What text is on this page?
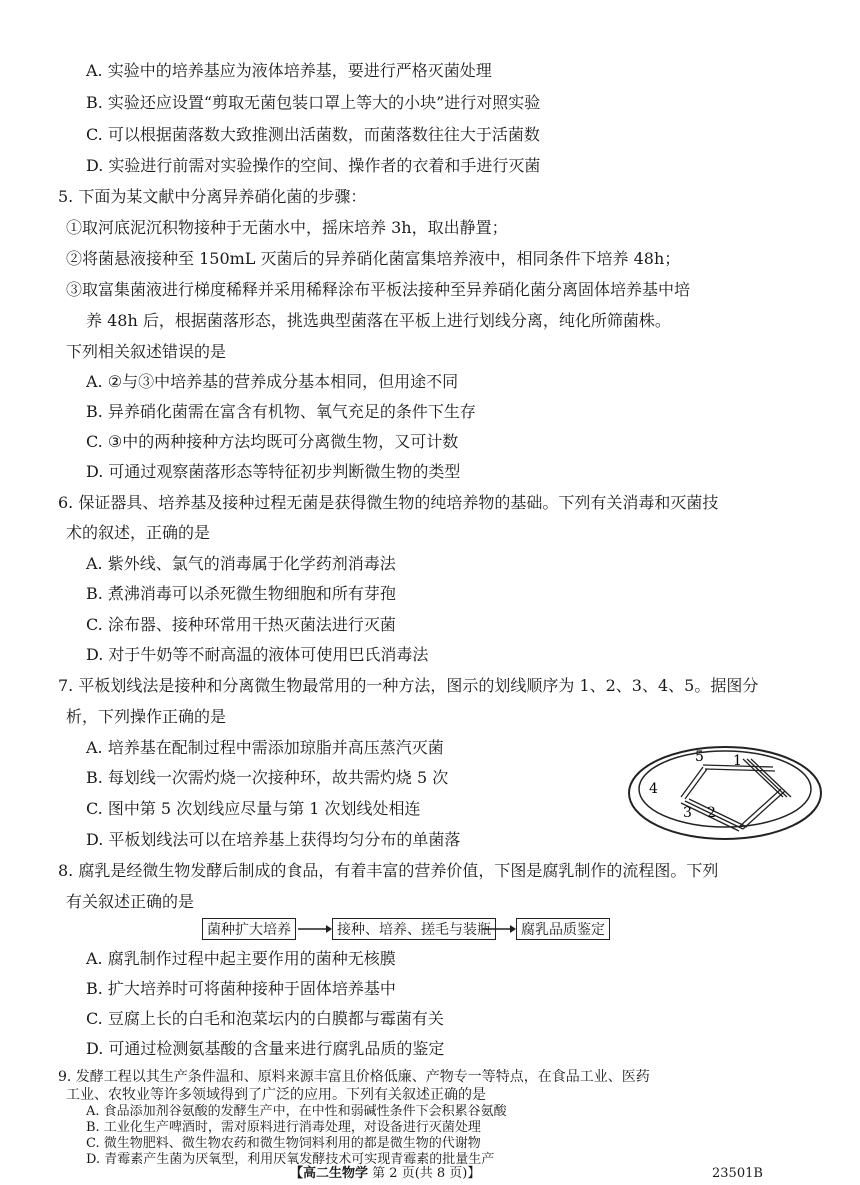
A. 实验中的培养基应为液体培养基，要进行严格灭菌处理
B. 实验还应设置“剪取无菌包装口罩上等大的小块”进行对照实验
C. 可以根据菌落数大致推测出活菌数，而菌落数往往大于活菌数
D. 实验进行前需对实验操作的空间、操作者的衣着和手进行灭菌
5. 下面为某文献中分离异养硝化菌的步骤：
①取河底泥沉积物接种于无菌水中，摇床培养 3h，取出静置；
②将菌悬液接种至 150mL 灭菌后的异养硝化菌富集培养液中，相同条件下培养 48h；
③取富集菌液进行梯度稀释并采用稀释涂布平板法接种至异养硝化菌分离固体培养基中培
养 48h 后，根据菌落形态，挑选典型菌落在平板上进行划线分离，纯化所筛菌株。
下列相关叙述错误的是
A. ②与③中培养基的营养成分基本相同，但用途不同
B. 异养硝化菌需在富含有机物、氧气充足的条件下生存
C. ③中的两种接种方法均既可分离微生物，又可计数
D. 可通过观察菌落形态等特征初步判断微生物的类型
6. 保证器具、培养基及接种过程无菌是获得微生物的纯培养物的基础。下列有关消毒和灭菌技
术的叙述，正确的是
A. 紫外线、氯气的消毒属于化学药剂消毒法
B. 煮沸消毒可以杀死微生物细胞和所有芽孢
C. 涂布器、接种环常用干热灭菌法进行灭菌
D. 对于牛奶等不耐高温的液体可使用巴氏消毒法
7. 平板划线法是接种和分离微生物最常用的一种方法，图示的划线顺序为 1、2、3、4、5。据图分
析，下列操作正确的是
A. 培养基在配制过程中需添加琼脂并高压蒸汽灭菌
B. 每划线一次需灼烧一次接种环，故共需灼烧 5 次
C. 图中第 5 次划线应尽量与第 1 次划线处相连
D. 平板划线法可以在培养基上获得均匀分布的单菌落
1
2
3
4
5
8. 腐乳是经微生物发酵后制成的食品，有着丰富的营养价值，下图是腐乳制作的流程图。下列
有关叙述正确的是
菌种扩大培养	接种、培养、搓毛与装瓶	腐乳品质鉴定
A. 腐乳制作过程中起主要作用的菌种无核膜
B. 扩大培养时可将菌种接种于固体培养基中
C. 豆腐上长的白毛和泡菜坛内的白膜都与霉菌有关
D. 可通过检测氨基酸的含量来进行腐乳品质的鉴定
9. 发酵工程以其生产条件温和、原料来源丰富且价格低廉、产物专一等特点，在食品工业、医药
工业、农牧业等许多领域得到了广泛的应用。下列有关叙述正确的是
A. 食品添加剂谷氨酸的发酵生产中，在中性和弱碱性条件下会积累谷氨酸
B. 工业化生产啤酒时，需对原料进行消毒处理，对设备进行灭菌处理
C. 微生物肥料、微生物农药和微生物饲料利用的都是微生物的代谢物
D. 青霉素产生菌为厌氧型，利用厌氧发酵技术可实现青霉素的批量生产
【高二生物学 第 2 页(共 8 页)】	23501B
